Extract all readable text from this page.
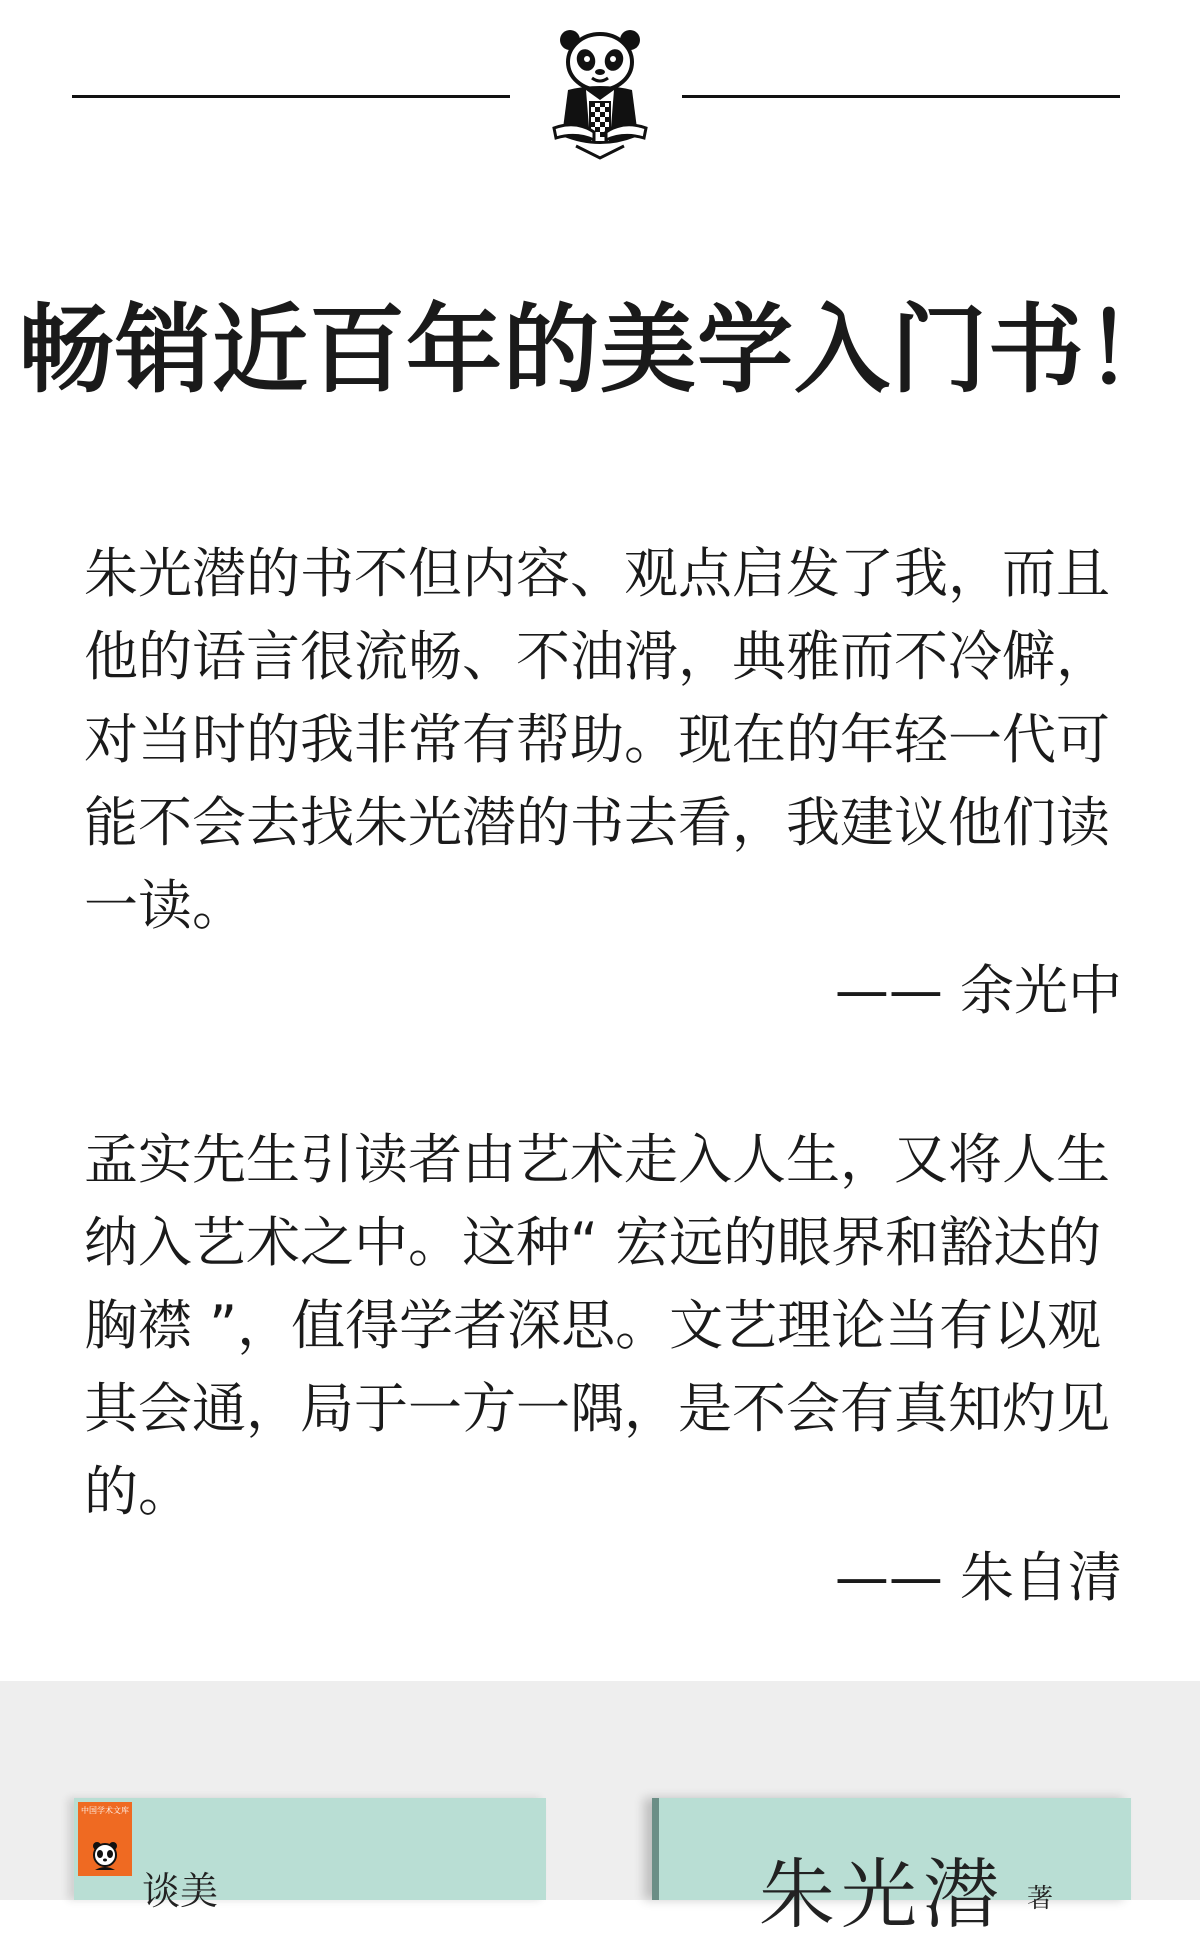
畅销近百年的美学入门书！
朱光潜的书不但内容、观点启发了我，而且他的语言很流畅、不油滑，典雅而不冷僻，对当时的我非常有帮助。现在的年轻一代可能不会去找朱光潜的书去看，我建议他们读一读。
—— 余光中
孟实先生引读者由艺术走入人生，又将人生纳入艺术之中。这种“ 宏远的眼界和豁达的胸襟 ”，值得学者深思。文艺理论当有以观其会通，局于一方一隅，是不会有真知灼见的。
—— 朱自清
中国学术文库
谈美	朱光潜 著
